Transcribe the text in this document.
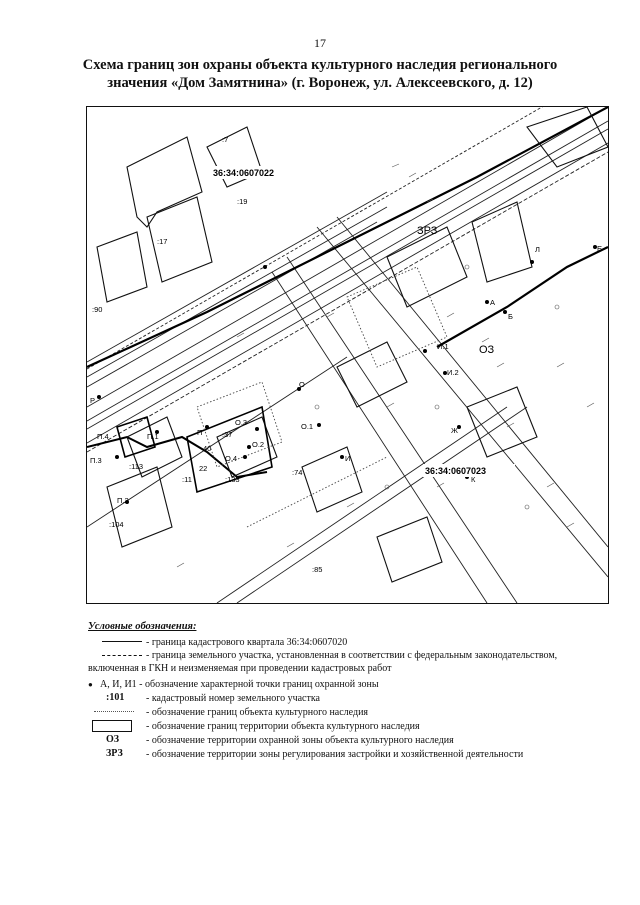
17
Схема границ зон охраны объекта культурного наследия регионального
значения «Дом Замятнина» (г. Воронеж, ул. Алексеевского, д. 12)
36:34:0607022
36:34:0607023
ЗРЗ
ОЗ
:19
:17
:90
:113
:11
40
22
:37
:133
:74
:104
:85
:7
П
П.1
П.2
П.3
П.4
О
О.1
О.2
О.3
О.4	И
И.1
И.2
Ж
К
Л
Б
А
Е
Р
Условные обозначения:
- граница кадастрового квартала 36:34:0607020
- граница земельного участка, установленная в соответствии с федеральным законодательством, включенная в ГКН и неизменяемая при проведении кадастровых работ
● А, И, И1 - обозначение характерной точки границ охранной зоны
:101 - кадастровый номер земельного участка
- обозначение границ объекта культурного наследия
- обозначение границ территории объекта культурного наследия
ОЗ	- обозначение территории охранной зоны объекта культурного наследия
ЗРЗ - обозначение территории зоны регулирования застройки и хозяйственной деятельности
